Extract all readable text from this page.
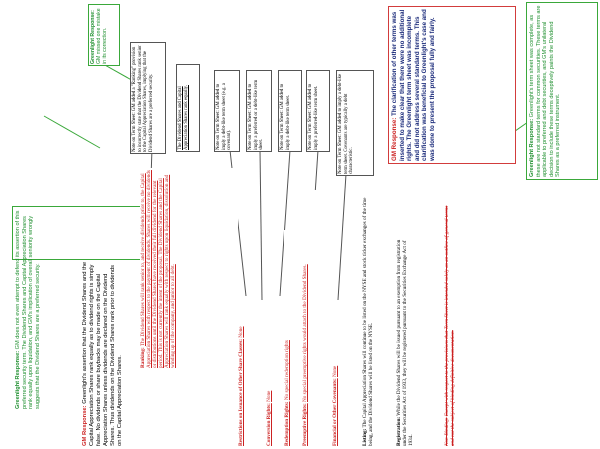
Greenlight Response: GM does not even attempt to defend its assertion of this preferred security term. The Dividend Shares and Capital Appreciation Shares rank equally upon liquidation, and GM's implication of overall seniority wrongly suggests that the Dividend Shares are a preferred security.
Greenlight Response: GM missed one mistake in its correction.
Greenlight Response: Greenlight's term sheet was complete, as these are not standard terms for common securities. These terms are applicable to preferred and debt securities, and GM's unilateral decision to include these terms deceptively paints the Dividend Shares as a preferred instrument.
GM Response: Greenlight's assertion that the Dividend Shares and the Capital Appreciation Shares rank equally as to dividend rights is simply false. No dividends or share buybacks may be made on the Capital Appreciation Shares unless dividends are declared on the Dividend Shares. Thus dividends on the Dividend Shares rank prior to dividends on the Capital Appreciation Shares.
GM Response: The clarification of other terms was inserted to make clear that there were no additional rights. The Greenlight term sheet was incomplete and did not address several standard terms. This clarification was beneficial to Greenlight's case and was done to present the proposal fully and fairly.
Note on Term Sheet: GM added a "Ranking" provision to incorrectly state that the Dividend Shares rank senior to the Capital Appreciation Shares, implying that the Dividend Shares are a preferred security.	The Dividend Shares and Capital Appreciation Shares rank equally.	Note on Term Sheet: GM added to imply a debt-like term sheet (e.g. a covenant).	Note on Term Sheet: GM added to imply a preferred or a debt-like term sheet.	Note on Term Sheet: GM added to imply a debt-like term sheet.	Note on Term Sheet: GM added to imply a preferred-like term sheet.	Note on Term Sheet: GM added to imply a debt-like term sheet. Covenants are typically a debt characteristic.
Ranking: The Dividend Shares will rank senior to, and receive dividends prior to, the Capital Appreciation Shares with respect to the payment of dividends. Shares will receive no dividends or distributions until the Dividend Shares have received their full dividend for the relevant period. This is not currently the intent of the proposal. The Dividend Shares and the Capital Appreciation Shares will rank equally with respect to rights upon liquidation, dissolution and winding up of the company, and junior to all debt.
Restrictions on Issuance of Other Share Classes: None
Conversion Rights: None
Redemption Rights: No special redemption rights
Preemptive Rights: No special preemptive rights would attach to the Dividend Shares.
Financial or Other Covenants: None
Listing: The Capital Appreciation Shares will continue to be listed on the NYSE and stock ticker exchanges of the time being, and the Dividend Shares will be listed on the NYSE.	Registration: While the Dividend Shares will be issued pursuant to an exemption from registration under the Securities Act of 1933, they will be registered pursuant to the Securities Exchange Act of 1934.	Non-Binding: Except with respect to the provisions that Term Sheet is intended solely as an outline of general terms and not the subject of binding definitive documentation.
